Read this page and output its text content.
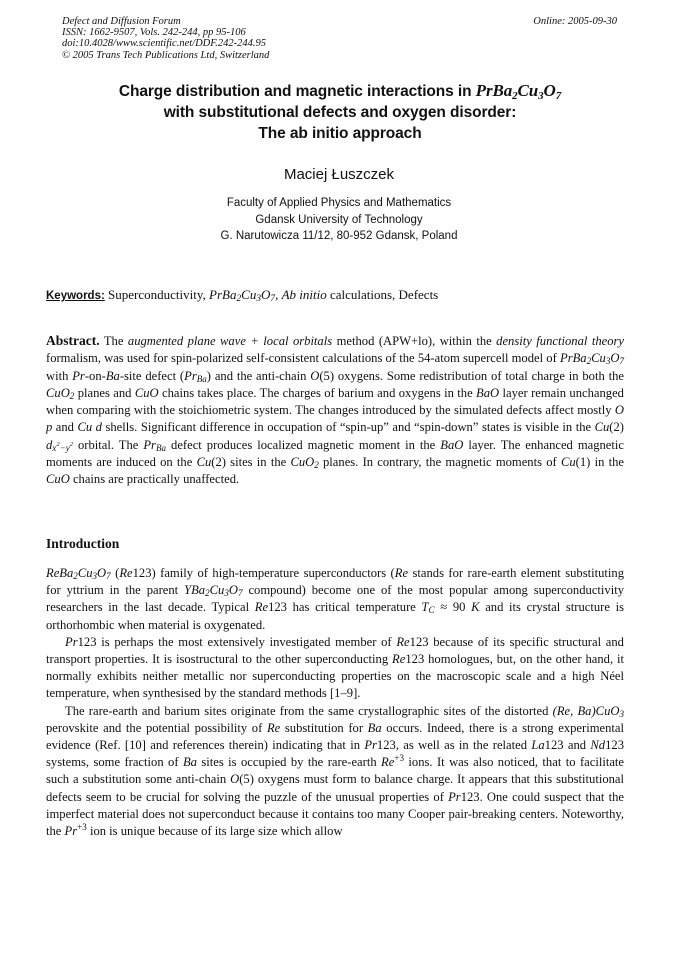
Defect and Diffusion Forum
ISSN: 1662-9507, Vols. 242-244, pp 95-106
doi:10.4028/www.scientific.net/DDF.242-244.95
© 2005 Trans Tech Publications Ltd, Switzerland
Online: 2005-09-30
Charge distribution and magnetic interactions in $PrBa_2Cu_3O_7$
with substitutional defects and oxygen disorder:
The ab initio approach
Maciej Łuszczek
Faculty of Applied Physics and Mathematics
Gdansk University of Technology
G. Narutowicza 11/12, 80-952 Gdansk, Poland
Keywords: Superconductivity, $PrBa_2Cu_3O_7$, Ab initio calculations, Defects
Abstract. The augmented plane wave + local orbitals method (APW+lo), within the density functional theory formalism, was used for spin-polarized self-consistent calculations of the 54-atom supercell model of $PrBa_2Cu_3O_7$ with Pr-on-Ba-site defect $(Pr_{Ba})$ and the anti-chain O(5) oxygens. Some redistribution of total charge in both the CuO$_2$ planes and CuO chains takes place. The charges of barium and oxygens in the BaO layer remain unchanged when comparing with the stoichiometric system. The changes introduced by the simulated defects affect mostly O p and Cu d shells. Significant difference in occupation of “spin-up” and “spin-down” states is visible in the Cu(2) $d_{x^2-y^2}$ orbital. The $Pr_{Ba}$ defect produces localized magnetic moment in the BaO layer. The enhanced magnetic moments are induced on the Cu(2) sites in the CuO$_2$ planes. In contrary, the magnetic moments of Cu(1) in the CuO chains are practically unaffected.
Introduction

$ReBa_2Cu_3O_7$ (Re123) family of high-temperature superconductors (Re stands for rare-earth element substituting for yttrium in the parent $YBa_2Cu_3O_7$ compound) become one of the most popular among superconductivity researchers in the last decade. Typical Re123 has critical temperature $T_C \approx 90$ K and its crystal structure is orthorhombic when material is oxygenated.

Pr123 is perhaps the most extensively investigated member of Re123 because of its specific structural and transport properties. It is isostructural to the other superconducting Re123 homologues, but, on the other hand, it normally exhibits neither metallic nor superconducting properties on the macroscopic scale and a high Néel temperature, when synthesised by the standard methods [1–9].

The rare-earth and barium sites originate from the same crystallographic sites of the distorted (Re, Ba)CuO$_3$ perovskite and the potential possibility of Re substitution for Ba occurs. Indeed, there is a strong experimental evidence (Ref. [10] and references therein) indicating that in Pr123, as well as in the related La123 and Nd123 systems, some fraction of Ba sites is occupied by the rare-earth $Re^{+3}$ ions. It was also noticed, that to facilitate such a substitution some anti-chain O(5) oxygens must form to balance charge. It appears that this substitutional defects seem to be crucial for solving the puzzle of the unusual properties of Pr123. One could suspect that the imperfect material does not superconduct because it contains too many Cooper pair-breaking centers. Noteworthy, the $Pr^{+3}$ ion is unique because of its large size which allow
